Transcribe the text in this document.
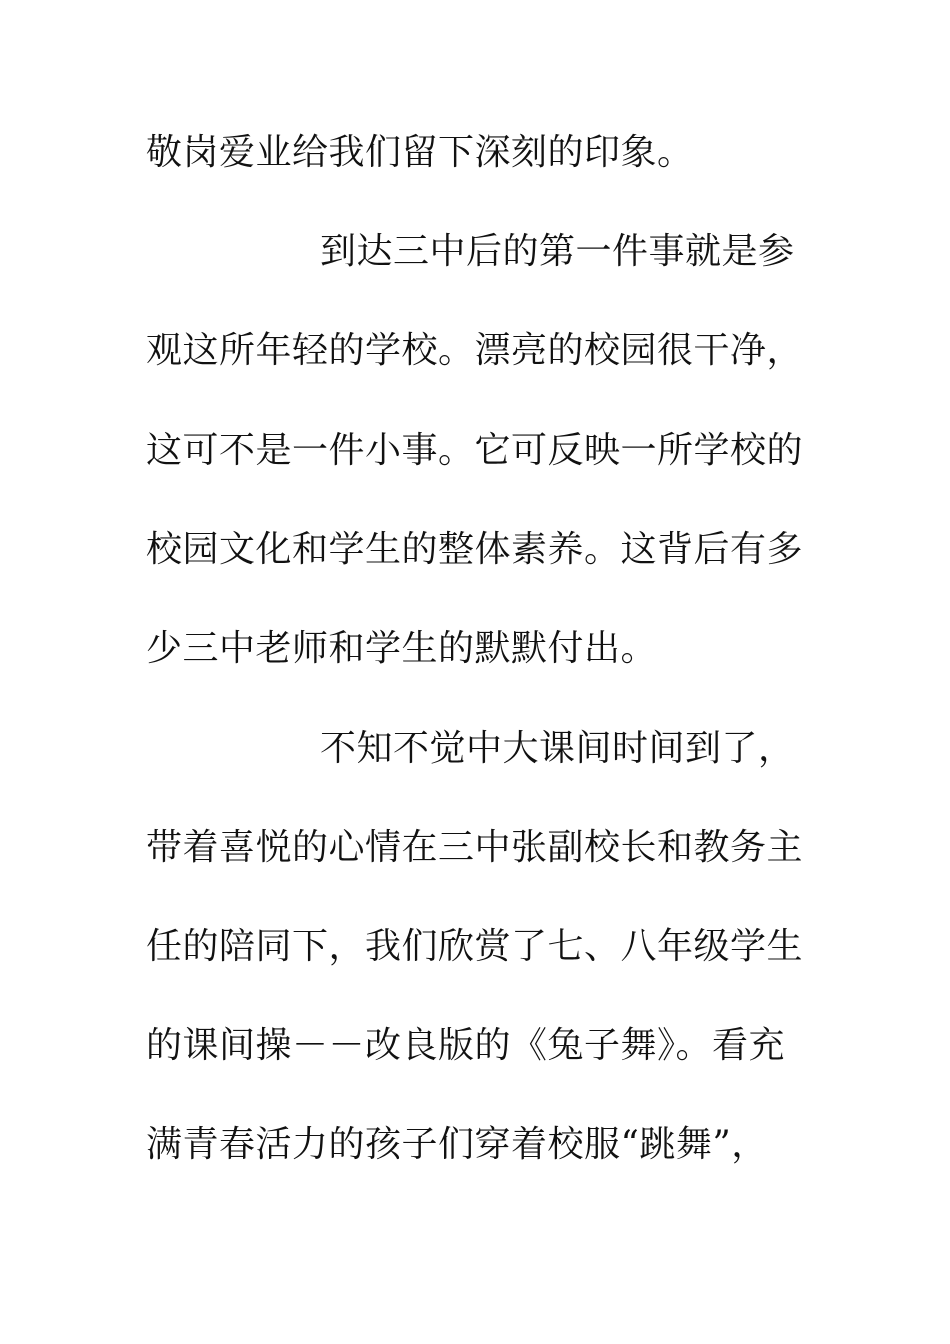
敬岗爱业给我们留下深刻的印象。
到达三中后的第一件事就是参
观这所年轻的学校。漂亮的校园很干净，
这可不是一件小事。它可反映一所学校的
校园文化和学生的整体素养。这背后有多
少三中老师和学生的默默付出。
不知不觉中大课间时间到了，
带着喜悦的心情在三中张副校长和教务主
任的陪同下，我们欣赏了七、八年级学生
的课间操－－改良版的《兔子舞》。看充
满青春活力的孩子们穿着校服“跳舞”，
